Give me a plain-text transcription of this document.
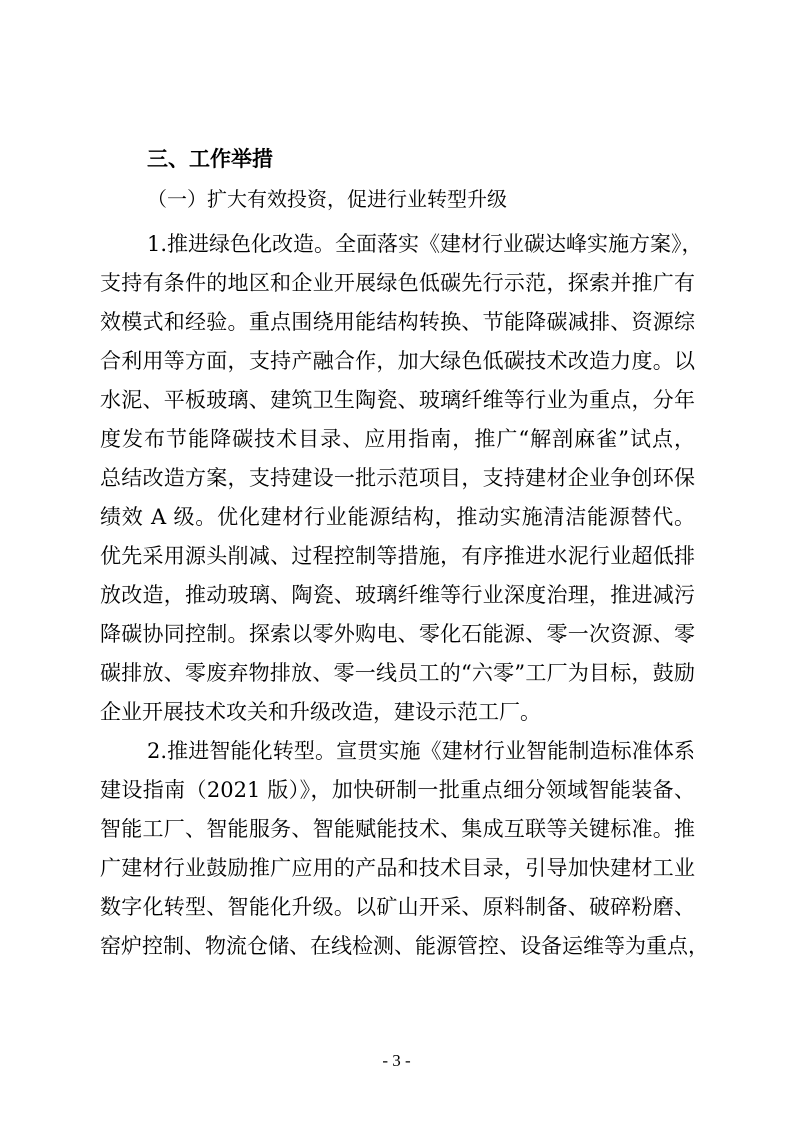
三、工作举措
（一）扩大有效投资，促进行业转型升级
1.推进绿色化改造。全面落实《建材行业碳达峰实施方案》，
支持有条件的地区和企业开展绿色低碳先行示范，探索并推广有
效模式和经验。重点围绕用能结构转换、节能降碳减排、资源综
合利用等方面，支持产融合作，加大绿色低碳技术改造力度。以
水泥、平板玻璃、建筑卫生陶瓷、玻璃纤维等行业为重点，分年
度发布节能降碳技术目录、应用指南，推广“解剖麻雀”试点，
总结改造方案，支持建设一批示范项目，支持建材企业争创环保
绩效 A 级。优化建材行业能源结构，推动实施清洁能源替代。
优先采用源头削减、过程控制等措施，有序推进水泥行业超低排
放改造，推动玻璃、陶瓷、玻璃纤维等行业深度治理，推进减污
降碳协同控制。探索以零外购电、零化石能源、零一次资源、零
碳排放、零废弃物排放、零一线员工的“六零”工厂为目标，鼓励
企业开展技术攻关和升级改造，建设示范工厂。
2.推进智能化转型。宣贯实施《建材行业智能制造标准体系
建设指南（2021 版）》，加快研制一批重点细分领域智能装备、
智能工厂、智能服务、智能赋能技术、集成互联等关键标准。推
广建材行业鼓励推广应用的产品和技术目录，引导加快建材工业
数字化转型、智能化升级。以矿山开采、原料制备、破碎粉磨、
窑炉控制、物流仓储、在线检测、能源管控、设备运维等为重点，
- 3 -
